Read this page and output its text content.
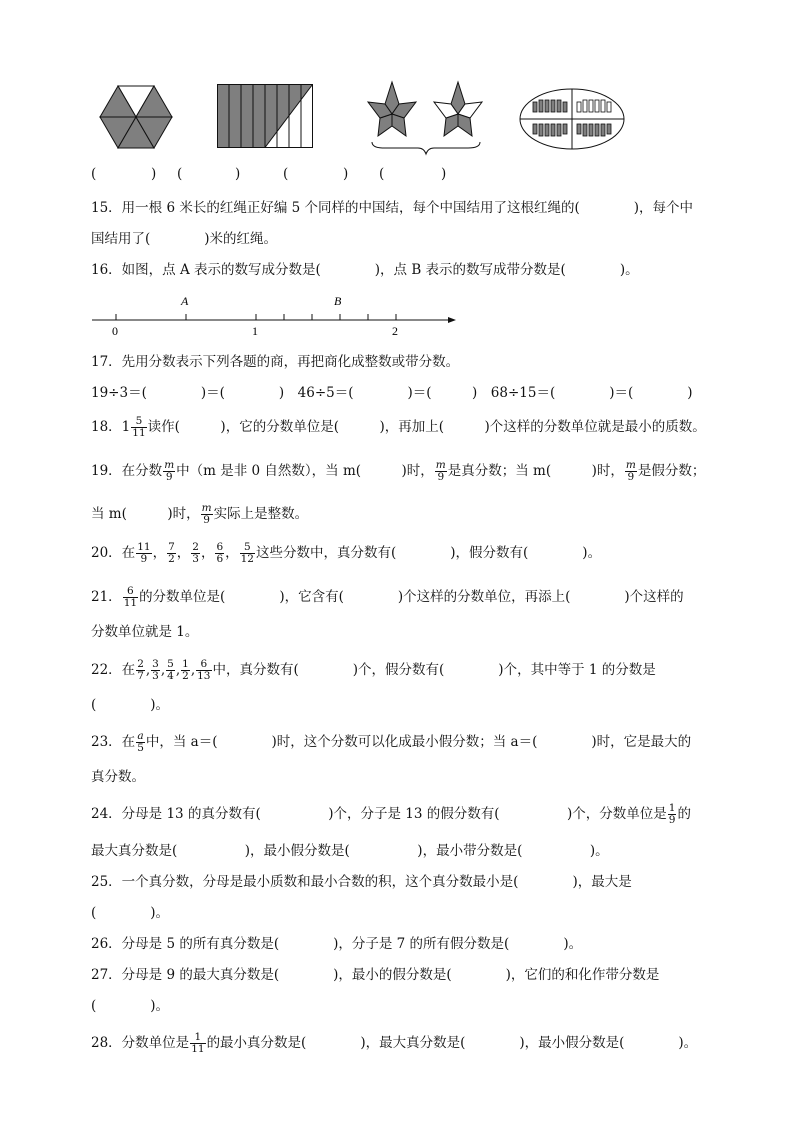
(	) (	)	(	) (	)
15．用一根 6 米长的红绳正好编 5 个同样的中国结，每个中国结用了这根红绳的(　　　　)，每个中
国结用了(　　　　)米的红绳。
16．如图，点 A 表示的数写成分数是(　　　　)，点 B 表示的数写成带分数是(　　　　)。
A	B
0	1	2
17．先用分数表示下列各题的商，再把商化成整数或带分数。
19÷3＝(　　　　)＝(　　　　)　46÷5＝(　　　　)＝(　　　)　68÷15＝(　　　　)＝(　　　　)
18．$1 \frac{5}{11}$ 读作(　　　)，它的分数单位是(　　　)，再加上(　　　)个这样的分数单位就是最小的质数。
19．在分数 $\frac{m}{9}$ 中（m 是非 0 自然数），当 m(　　　)时， $\frac{m}{9}$ 是真分数；当 m(　　　)时， $\frac{m}{9}$ 是假分数；
当 m(　　　)时， $\frac{m}{9}$ 实际上是整数。
20．在 $\frac{11}{9}$ ， $\frac{7}{2}$ ， $\frac{2}{3}$ ， $\frac{6}{6}$ ， $\frac{5}{12}$ 这些分数中，真分数有(　　　　)，假分数有(　　　　)。
21． $\frac{6}{11}$ 的分数单位是(　　　　)，它含有(　　　　)个这样的分数单位，再添上(　　　　)个这样的
分数单位就是 1。
22．在 $\frac{2}{7}$ , $\frac{3}{3}$ , $\frac{5}{4}$ , $\frac{1}{2}$ , $\frac{6}{13}$ 中，真分数有(　　　　)个，假分数有(　　　　)个，其中等于 1 的分数是
(　　　　)。
23．在 $\frac{a}{5}$ 中，当 a＝(　　　　)时，这个分数可以化成最小假分数；当 a＝(　　　　)时，它是最大的
真分数。
24．分母是 13 的真分数有(　　　　　)个，分子是 13 的假分数有(　　　　　)个，分数单位是 $\frac{1}{9}$ 的
最大真分数是(　　　　　)，最小假分数是(　　　　　)，最小带分数是(　　　　　)。
25．一个真分数，分母是最小质数和最小合数的积，这个真分数最小是(　　　　)，最大是
(　　　　)。
26．分母是 5 的所有真分数是(　　　　)，分子是 7 的所有假分数是(　　　　)。
27．分母是 9 的最大真分数是(　　　　)，最小的假分数是(　　　　)，它们的和化作带分数是
(　　　　)。
28．分数单位是 $\frac{1}{11}$ 的最小真分数是(　　　　)，最大真分数是(　　　　)，最小假分数是(　　　　)。
